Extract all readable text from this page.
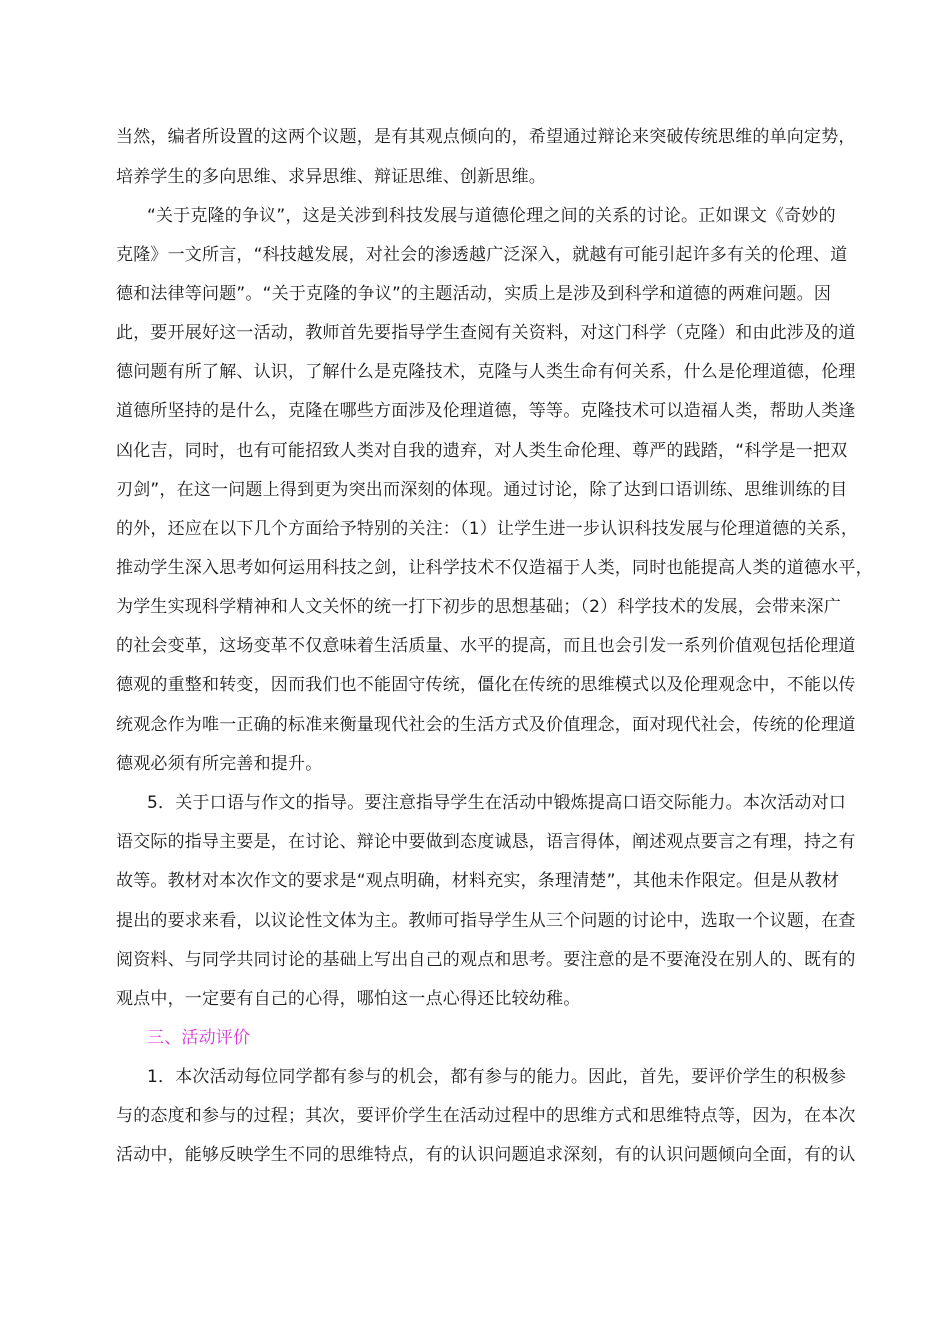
当然，编者所设置的这两个议题，是有其观点倾向的，希望通过辩论来突破传统思维的单向定势，
培养学生的多向思维、求异思维、辩证思维、创新思维。
“关于克隆的争议”，这是关涉到科技发展与道德伦理之间的关系的讨论。正如课文《奇妙的
克隆》一文所言，“科技越发展，对社会的渗透越广泛深入，就越有可能引起许多有关的伦理、道
德和法律等问题”。“关于克隆的争议”的主题活动，实质上是涉及到科学和道德的两难问题。因
此，要开展好这一活动，教师首先要指导学生查阅有关资料，对这门科学（克隆）和由此涉及的道
德问题有所了解、认识，了解什么是克隆技术，克隆与人类生命有何关系，什么是伦理道德，伦理
道德所坚持的是什么，克隆在哪些方面涉及伦理道德，等等。克隆技术可以造福人类，帮助人类逢
凶化吉，同时，也有可能招致人类对自我的遗弃，对人类生命伦理、尊严的践踏，“科学是一把双
刃剑”，在这一问题上得到更为突出而深刻的体现。通过讨论，除了达到口语训练、思维训练的目
的外，还应在以下几个方面给予特别的关注：（1）让学生进一步认识科技发展与伦理道德的关系，
推动学生深入思考如何运用科技之剑，让科学技术不仅造福于人类，同时也能提高人类的道德水平，
为学生实现科学精神和人文关怀的统一打下初步的思想基础；（2）科学技术的发展，会带来深广
的社会变革，这场变革不仅意味着生活质量、水平的提高，而且也会引发一系列价值观包括伦理道
德观的重整和转变，因而我们也不能固守传统，僵化在传统的思维模式以及伦理观念中，不能以传
统观念作为唯一正确的标准来衡量现代社会的生活方式及价值理念，面对现代社会，传统的伦理道
德观必须有所完善和提升。
5．关于口语与作文的指导。要注意指导学生在活动中锻炼提高口语交际能力。本次活动对口
语交际的指导主要是，在讨论、辩论中要做到态度诚恳，语言得体，阐述观点要言之有理，持之有
故等。教材对本次作文的要求是“观点明确，材料充实，条理清楚”，其他未作限定。但是从教材
提出的要求来看，以议论性文体为主。教师可指导学生从三个问题的讨论中，选取一个议题，在查
阅资料、与同学共同讨论的基础上写出自己的观点和思考。要注意的是不要淹没在别人的、既有的
观点中，一定要有自己的心得，哪怕这一点心得还比较幼稚。
三、活动评价
1．本次活动每位同学都有参与的机会，都有参与的能力。因此，首先，要评价学生的积极参
与的态度和参与的过程；其次，要评价学生在活动过程中的思维方式和思维特点等，因为，在本次
活动中，能够反映学生不同的思维特点，有的认识问题追求深刻，有的认识问题倾向全面，有的认
